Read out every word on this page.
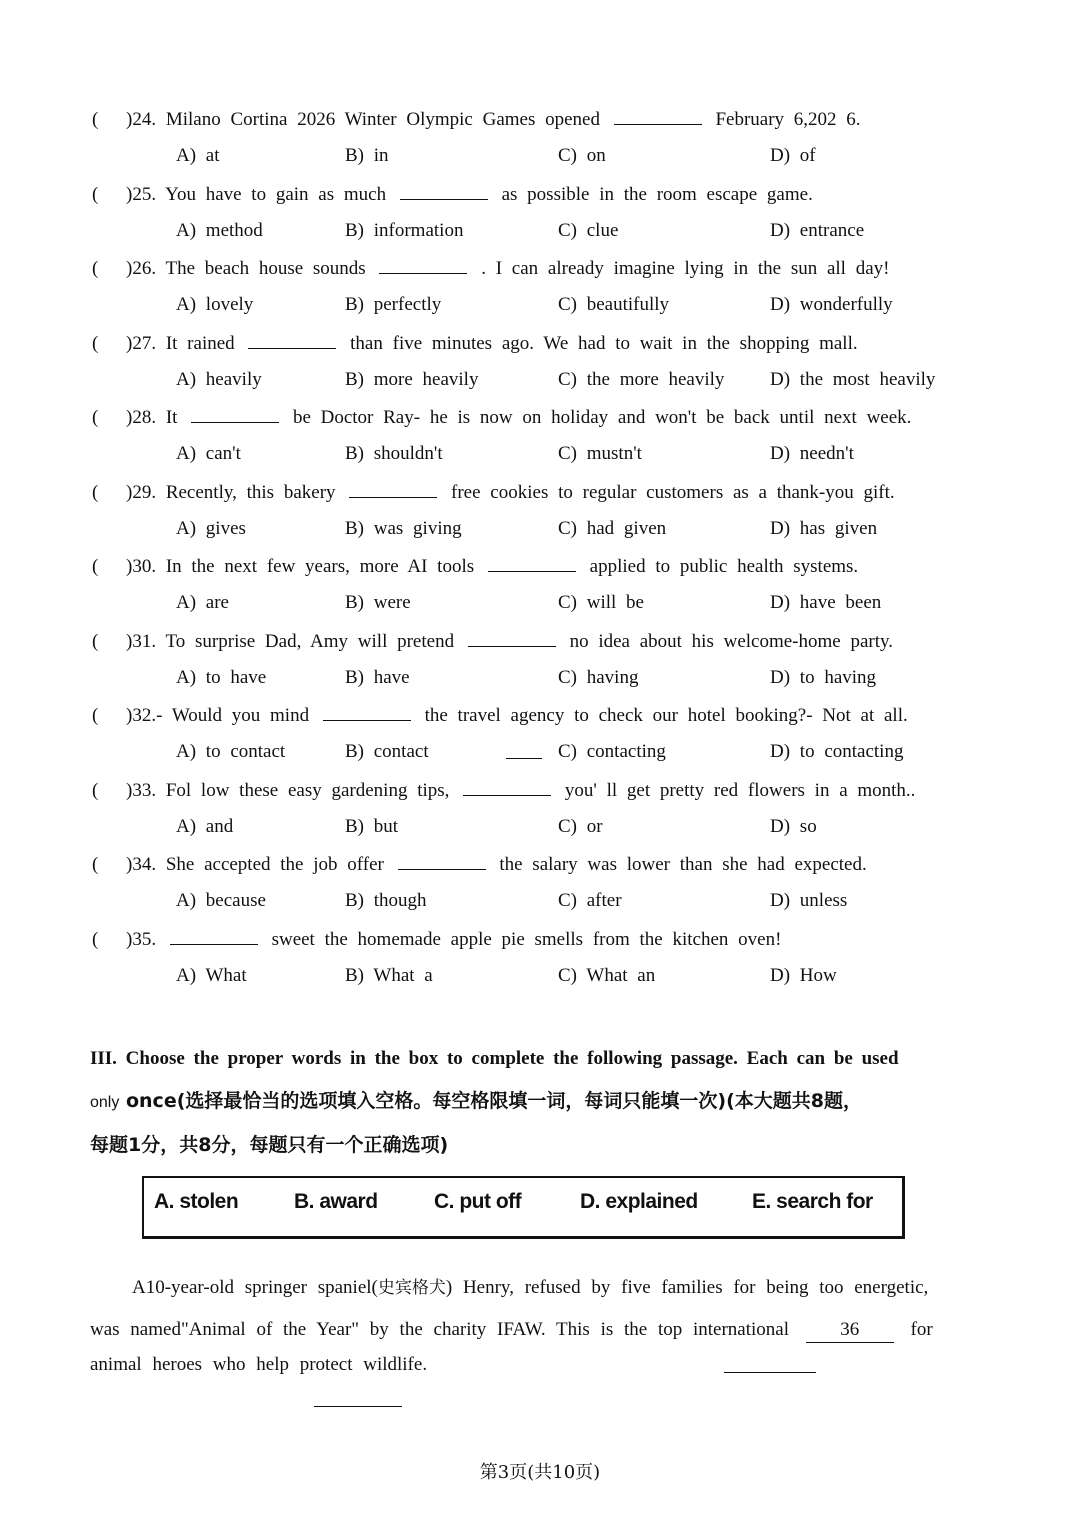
( )24. Milano Cortina 2026 Winter Olympic Games opened	February 6,202 6.
A) at	B) in	C) on	D) of
( )25. You have to gain as much	as possible in the room escape game.
A) method	B) information	C) clue	D) entrance
( )26. The beach house sounds	. I can already imagine lying in the sun all day!
A) lovely	B) perfectly	C) beautifully	D) wonderfully
( )27. It rained	than five minutes ago. We had to wait in the shopping mall.
A) heavily	B) more heavily	C) the more heavily D) the most heavily
( )28. It	be Doctor Ray- he is now on holiday and won't be back until next week.
A) can't	B) shouldn't	C) mustn't	D) needn't
( )29. Recently, this bakery	free cookies to regular customers as a thank-you gift.
A) gives	B) was giving	C) had given	D) has given
( )30. In the next few years, more AI tools	applied to public health systems.
A) are	B) were	C) will be	D) have been
( )31. To surprise Dad, Amy will pretend	no idea about his welcome-home party.
A) to have	B) have	C) having	D) to having
( )32.- Would you mind	the travel agency to check our hotel booking?- Not at all.
A) to contact	B) contact	C) contacting	D) to contacting
( )33. Fol low these easy gardening tips,	you' ll get pretty red flowers in a month..
A) and	B) but	C) or	D) so
( )34. She accepted the job offer	the salary was lower than she had expected.
A) because	B) though	C) after	D) unless
( )35.	sweet the homemade apple pie smells from the kitchen oven!
A) What	B) What a	C) What an	D) How
III. Choose the proper words in the box to complete the following passage. Each can be used
only once(选择最恰当的选项填入空格。每空格限填一词，每词只能填一次)(本大题共8题，
每题1分，共8分，每题只有一个正确选项)
A. stolen	B. award	C. put off	D. explained	E. search for
A10-year-old springer spaniel(史宾格犬) Henry, refused by five families for being too energetic,
was named"Animal of the Year" by the charity IFAW. This is the top international	36	for
animal heroes who help protect wildlife.
第3页(共10页)
